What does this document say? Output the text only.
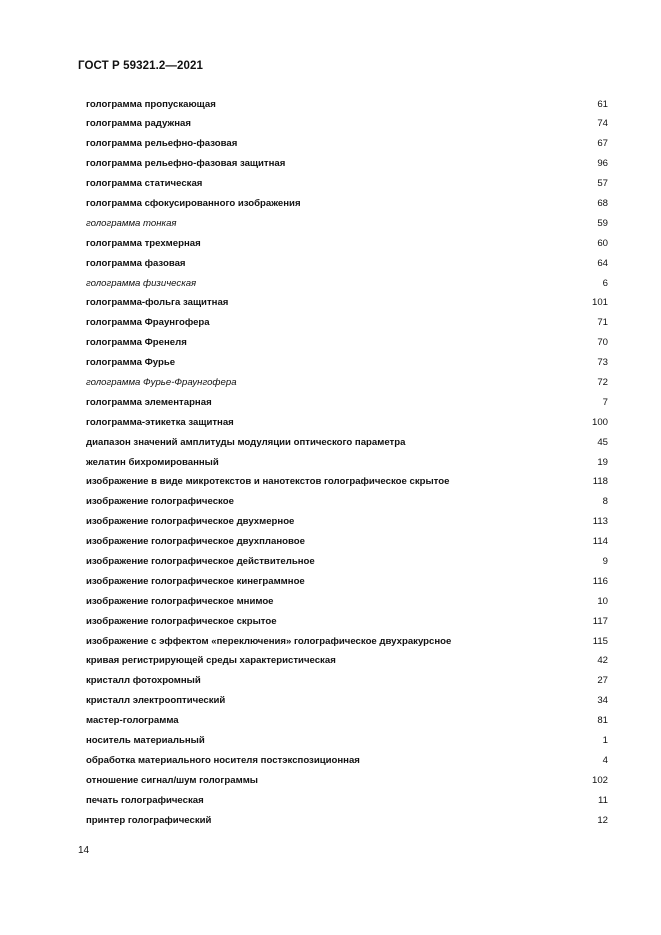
ГОСТ Р 59321.2—2021
голограмма пропускающая	61
голограмма радужная	74
голограмма рельефно-фазовая	67
голограмма рельефно-фазовая защитная	96
голограмма статическая	57
голограмма сфокусированного изображения	68
голограмма тонкая	59
голограмма трехмерная	60
голограмма фазовая	64
голограмма физическая	6
голограмма-фольга защитная	101
голограмма Фраунгофера	71
голограмма Френеля	70
голограмма Фурье	73
голограмма Фурье-Фраунгофера	72
голограмма элементарная	7
голограмма-этикетка защитная	100
диапазон значений амплитуды модуляции оптического параметра	45
желатин бихромированный	19
изображение в виде микротекстов и нанотекстов голографическое скрытое	118
изображение голографическое	8
изображение голографическое двухмерное	113
изображение голографическое двухплановое	114
изображение голографическое действительное	9
изображение голографическое кинеграммное	116
изображение голографическое мнимое	10
изображение голографическое скрытое	117
изображение с эффектом «переключения» голографическое двухракурсное	115
кривая регистрирующей среды характеристическая	42
кристалл фотохромный	27
кристалл электрооптический	34
мастер-голограмма	81
носитель материальный	1
обработка материального носителя постэкспозиционная	4
отношение сигнал/шум голограммы	102
печать голографическая	11
принтер голографический	12
14
